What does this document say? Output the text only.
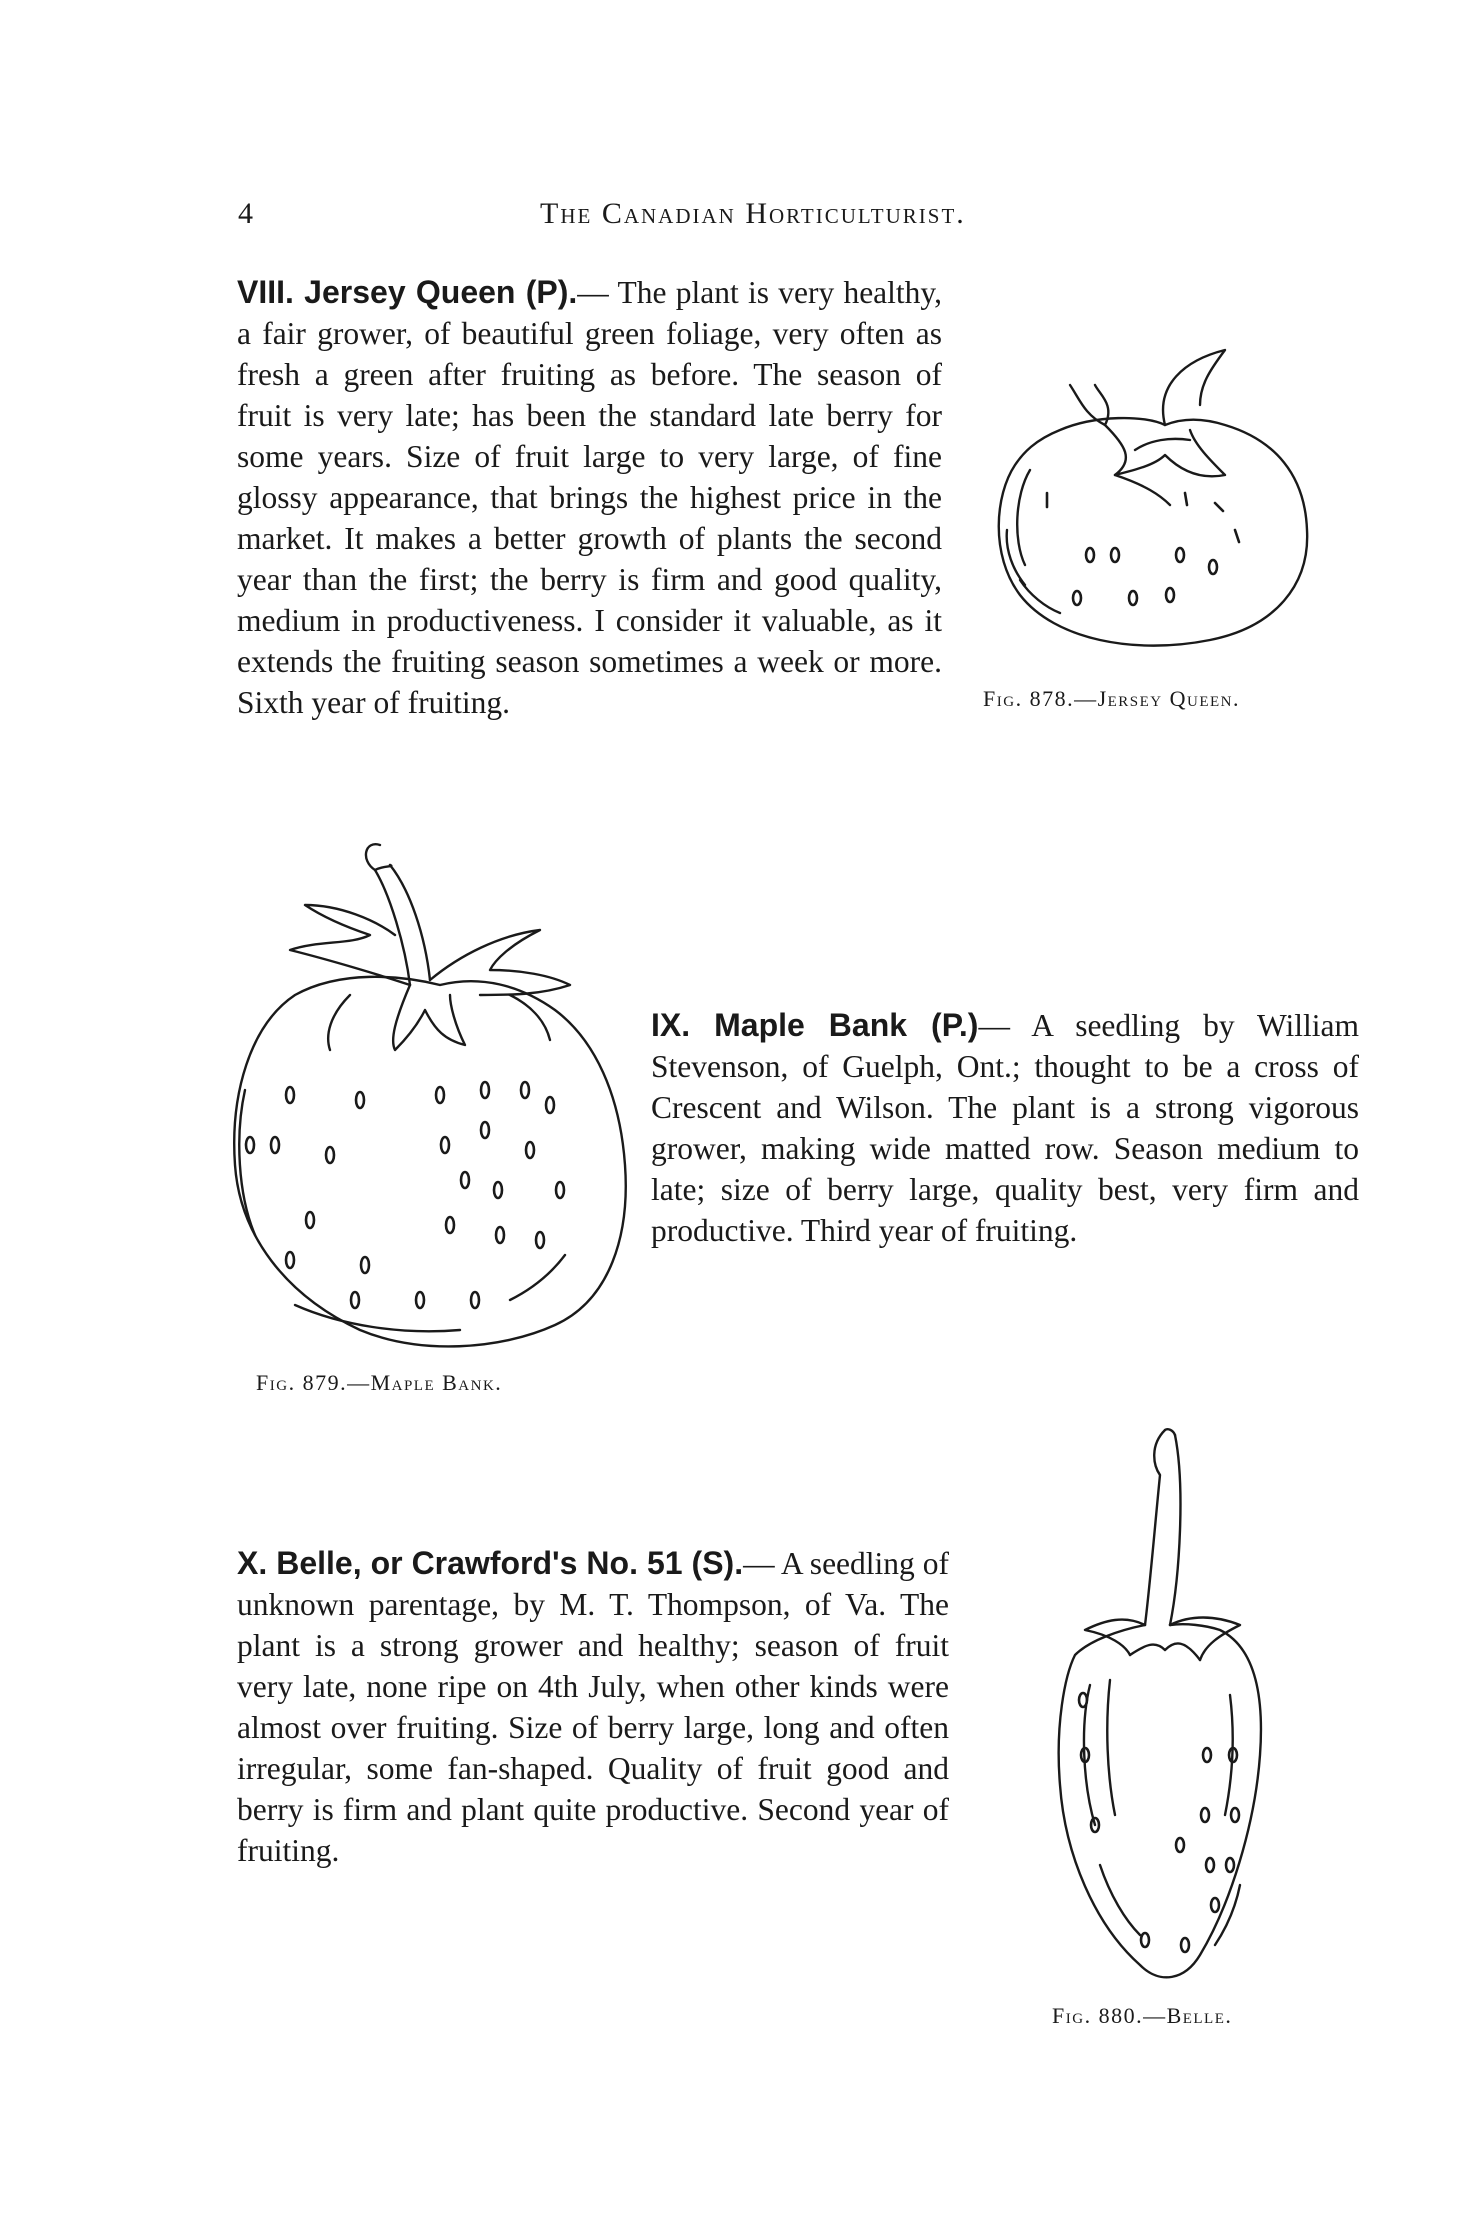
4	The Canadian Horticulturist.
VIII. Jersey Queen (P).— The plant is very healthy, a fair grower, of beautiful green foliage, very often as fresh a green after fruiting as before. The season of fruit is very late; has been the standard late berry for some years. Size of fruit large to very large, of fine glossy appearance, that brings the highest price in the market. It makes a better growth of plants the second year than the first; the berry is firm and good quality, medium in productiveness. I consider it valuable, as it extends the fruiting season sometimes a week or more. Sixth year of fruiting.	Fig. 878.—Jersey Queen.
Fig. 879.—Maple Bank.
IX. Maple Bank (P.)— A seedling by William Stevenson, of Guelph, Ont.; thought to be a cross of Crescent and Wilson. The plant is a strong vigorous grower, making wide matted row. Season medium to late; size of berry large, quality best, very firm and productive. Third year of fruiting.
X. Belle, or Crawford's No. 51 (S).— A seedling of unknown parentage, by M. T. Thompson, of Va. The plant is a strong grower and healthy; season of fruit very late, none ripe on 4th July, when other kinds were almost over fruiting. Size of berry large, long and often irregular, some fan-shaped. Quality of fruit good and berry is firm and plant quite productive. Second year of fruiting.
Fig. 880.—Belle.
